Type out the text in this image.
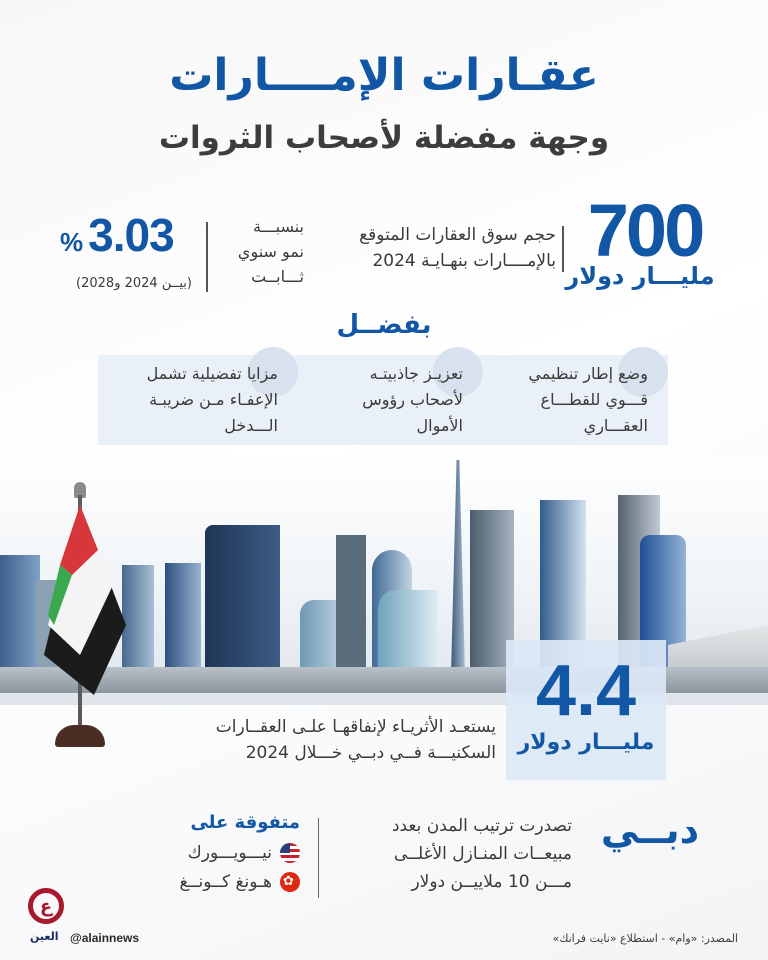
عقـارات الإمــــارات
وجهة مفضلة لأصحاب الثروات
700
مليـــار دولار
حجم سوق العقارات المتوقع
بالإمــــارات بنهـايـة 2024
% 3.03	بنسبـــة
نمو سنوي
ثـــابــت
(بيــن 2024 و2028)
بفضــل
وضع إطار تنظيمي
قـــوي للقطـــاع
العقـــاري
تعزيـز جاذبيتـه
لأصحاب رؤوس
الأموال
مزايا تفضيلية تشمل
الإعفـاء مـن ضريبـة
الـــدخل
4.4
مليـــار دولار
يستعـد الأثريـاء لإنفاقهـا علـى العقــارات
السكنيـــة فــي دبــي خـــلال 2024
دبــي
تصدرت ترتيب المدن بعدد
مبيعــات المنـازل الأغلــى
مـــن 10 ملاييــن دولار
متفوقة على
نيـــويـــورك
هـونغ كــونــغ
✿
ع
العين @alainnews	المصدر: «وام» - استطلاع «نايت فرانك»
